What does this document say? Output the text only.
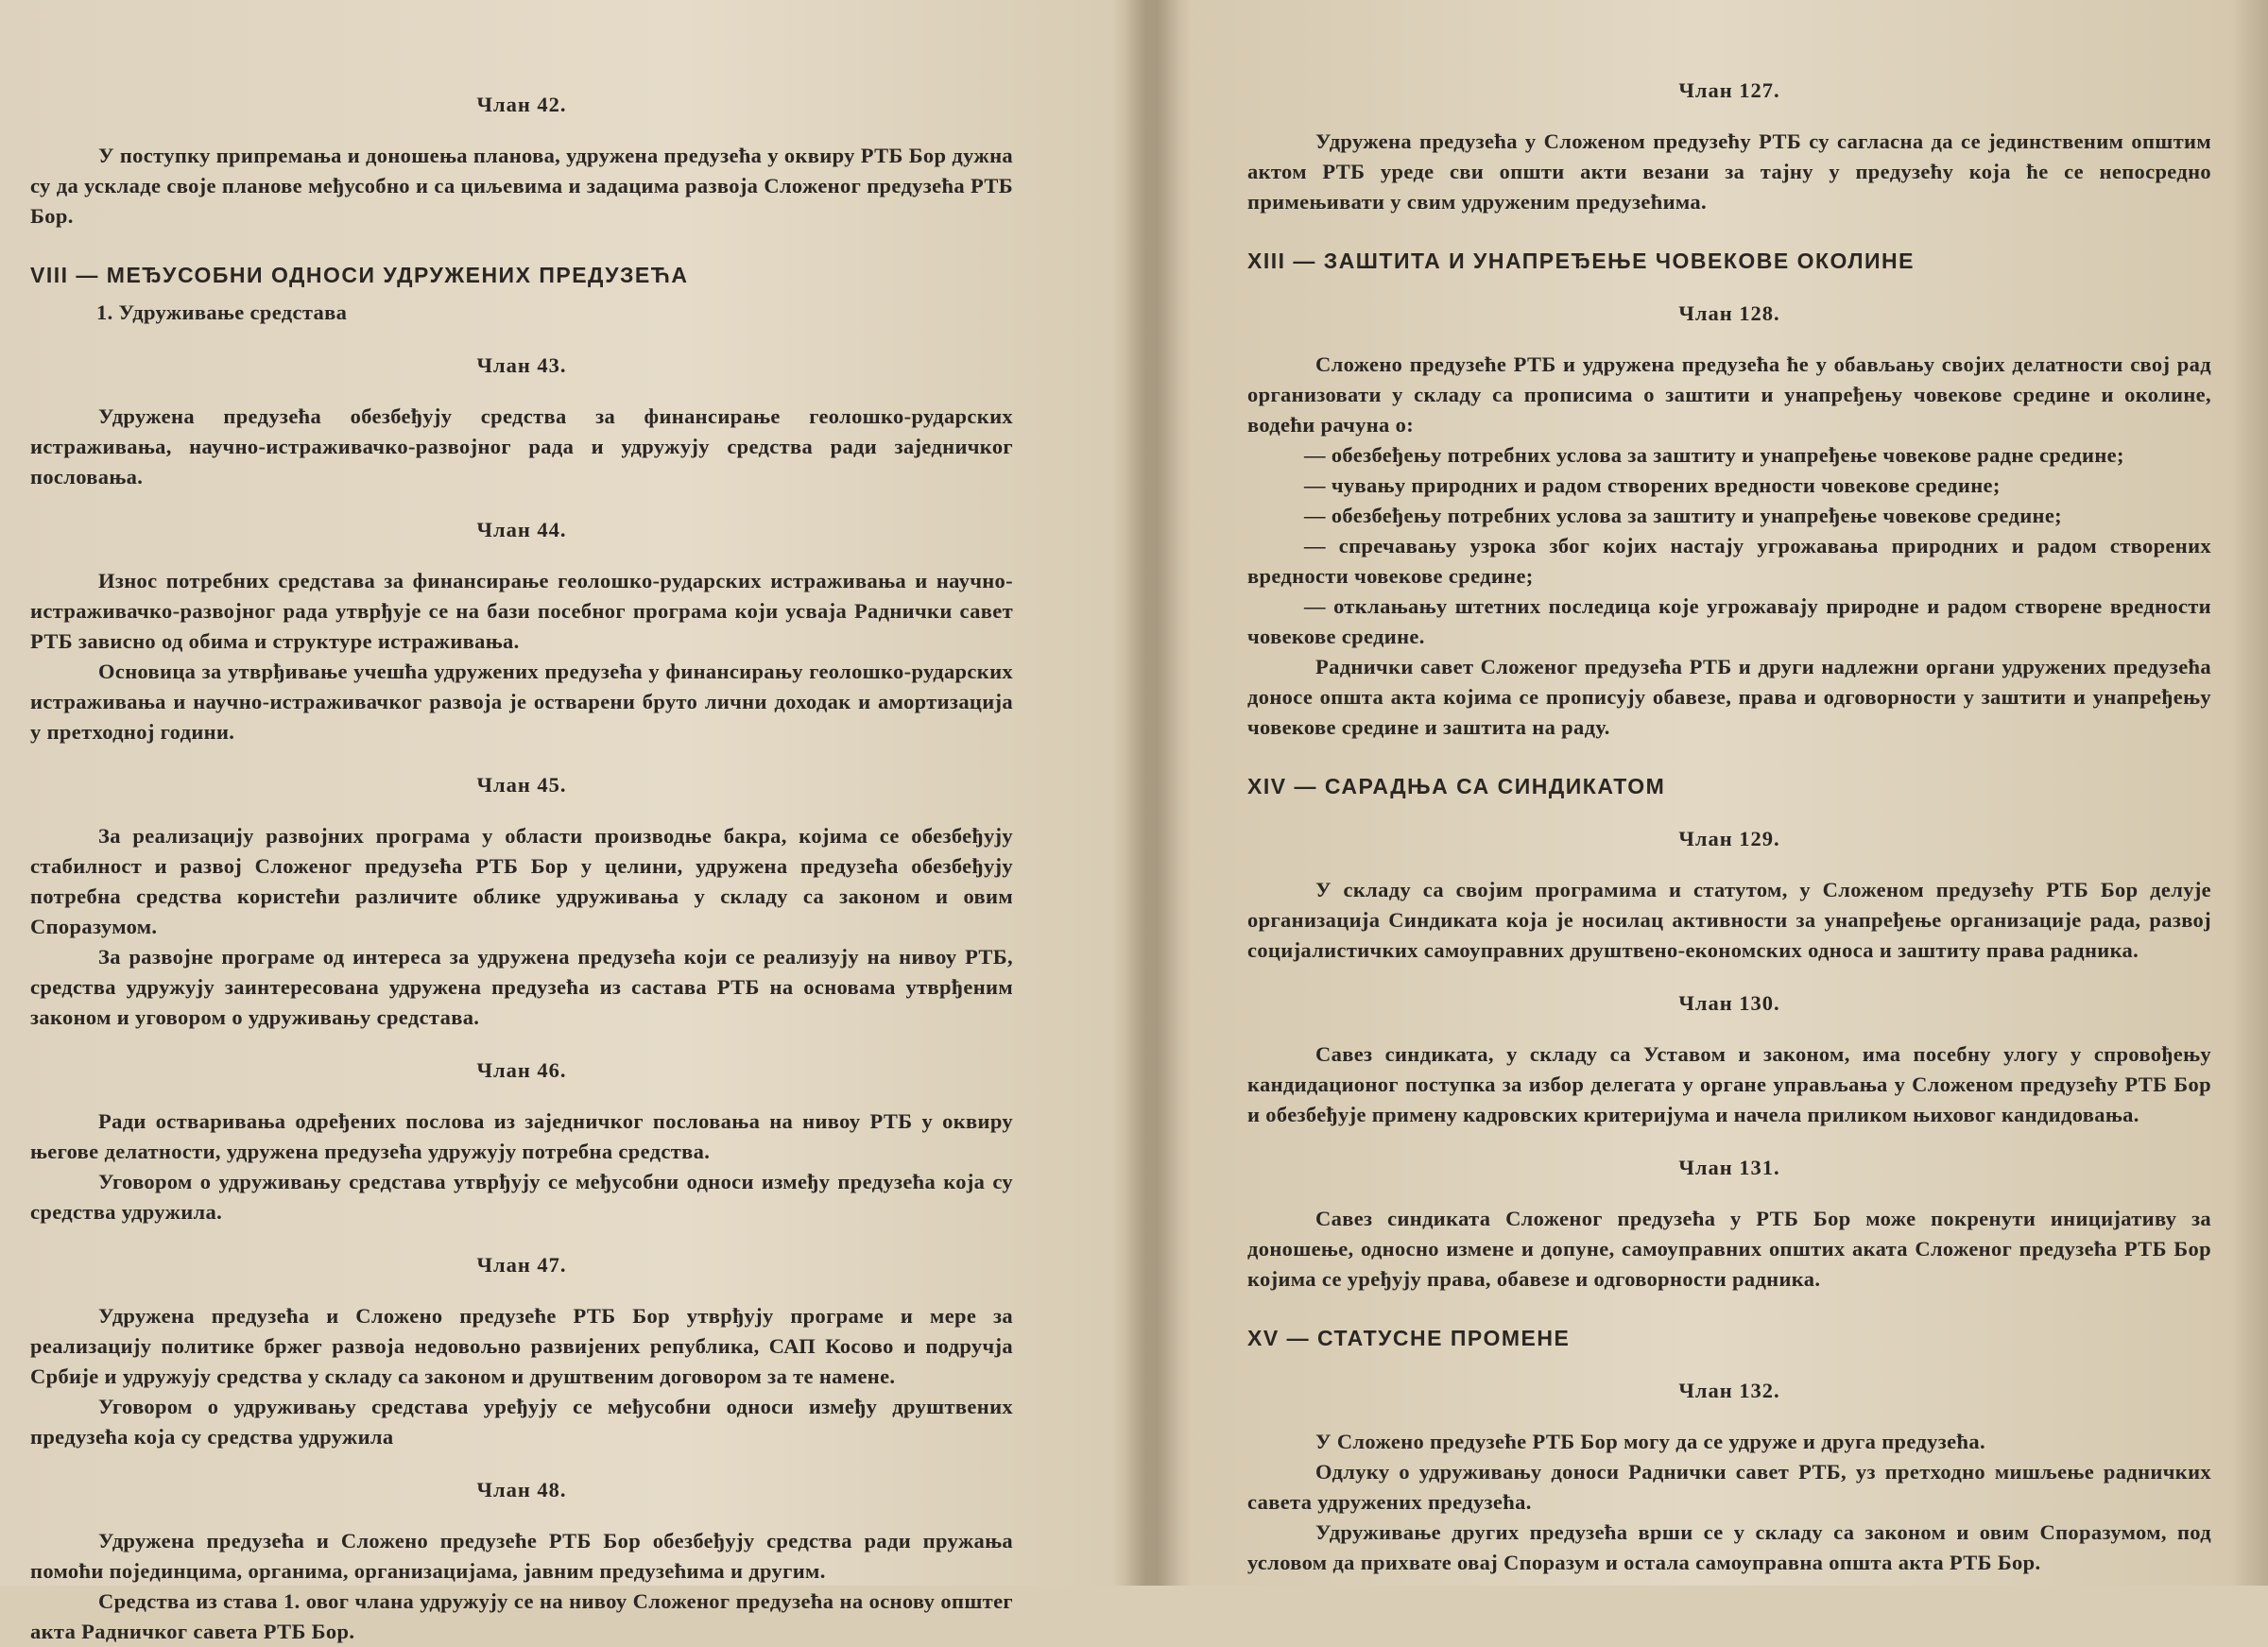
Члан 42.
У поступку припремања и доношења планова, удружена предузећа у оквиру РТБ Бор дужна су да ускладе своје планове међусобно и са циљевима и задацима развоја Сложеног предузећа РТБ Бор.
VIII — МЕЂУСОБНИ ОДНОСИ УДРУЖЕНИХ ПРЕДУЗЕЋА
1. Удруживање средстава
Члан 43.
Удружена предузећа обезбеђују средства за финансирање геолошко-рударских истраживања, научно-истраживачко-развојног рада и удружују средства ради заједничког пословања.
Члан 44.
Износ потребних средстава за финансирање геолошко-рударских истраживања и научно-истраживачко-развојног рада утврђује се на бази посебног програма који усваја Раднички савет РТБ зависно од обима и структуре истраживања.
Основица за утврђивање учешћа удружених предузећа у финансирању геолошко-рударских истраживања и научно-истраживачког развоја је остварени бруто лични доходак и амортизација у претходној години.
Члан 45.
За реализацију развојних програма у области производње бакра, којима се обезбеђују стабилност и развој Сложеног предузећа РТБ Бор у целини, удружена предузећа обезбеђују потребна средства користећи различите облике удруживања у складу са законом и овим Споразумом.
За развојне програме од интереса за удружена предузећа који се реализују на нивоу РТБ, средства удружују заинтересована удружена предузећа из састава РТБ на основама утврђеним законом и уговором о удруживању средстава.
Члан 46.
Ради остваривања одређених послова из заједничког пословања на нивоу РТБ у оквиру његове делатности, удружена предузећа удружују потребна средства.
Уговором о удруживању средстава утврђују се међусобни односи између предузећа која су средства удружила.
Члан 47.
Удружена предузећа и Сложено предузеће РТБ Бор утврђују програме и мере за реализацију политике бржег развоја недовољно развијених република, САП Косово и подручја Србије и удружују средства у складу са законом и друштвеним договором за те намене.
Уговором о удруживању средстава уређују се међусобни односи између друштвених предузећа која су средства удружила
Члан 48.
Удружена предузећа и Сложено предузеће РТБ Бор обезбеђују средства ради пружања помоћи појединцима, органима, организацијама, јавним предузећима и другим.
Средства из става 1. овог члана удружују се на нивоу Сложеног предузећа на основу општег акта Радничког савета РТБ Бор.
Члан 127.
Удружена предузећа у Сложеном предузећу РТБ су сагласна да се јединственим општим актом РТБ уреде сви општи акти везани за тајну у предузећу која ће се непосредно примењивати у свим удруженим предузећима.
XIII — ЗАШТИТА И УНАПРЕЂЕЊЕ ЧОВЕКОВЕ ОКОЛИНЕ
Члан 128.
Сложено предузеће РТБ и удружена предузећа ће у обављању својих делатности свој рад организовати у складу са прописима о заштити и унапређењу човекове средине и околине, водећи рачуна о:
— обезбеђењу потребних услова за заштиту и унапређење човекове радне средине;
— чувању природних и радом створених вредности човекове средине;
— обезбеђењу потребних услова за заштиту и унапређење човекове средине;
— спречавању узрока због којих настају угрожавања природних и радом створених вредности човекове средине;
— отклањању штетних последица које угрожавају природне и радом створене вредности човекове средине.
Раднички савет Сложеног предузећа РТБ и други надлежни органи удружених предузећа доносе општа акта којима се прописују обавезе, права и одговорности у заштити и унапређењу човекове средине и заштита на раду.
XIV — САРАДЊА СА СИНДИКАТОМ
Члан 129.
У складу са својим програмима и статутом, у Сложеном предузећу РТБ Бор делује организација Синдиката која је носилац активности за унапређење организације рада, развој социјалистичких самоуправних друштвено-економских односа и заштиту права радника.
Члан 130.
Савез синдиката, у складу са Уставом и законом, има посебну улогу у спровођењу кандидационог поступка за избор делегата у органе управљања у Сложеном предузећу РТБ Бор и обезбеђује примену кадровских критеријума и начела приликом њиховог кандидовања.
Члан 131.
Савез синдиката Сложеног предузећа у РТБ Бор може покренути иницијативу за доношење, односно измене и допуне, самоуправних општих аката Сложеног предузећа РТБ Бор којима се уређују права, обавезе и одговорности радника.
XV — СТАТУСНЕ ПРОМЕНЕ
Члан 132.
У Сложено предузеће РТБ Бор могу да се удруже и друга предузећа.
Одлуку о удруживању доноси Раднички савет РТБ, уз претходно мишљење радничких савета удружених предузећа.
Удруживање других предузећа врши се у складу са законом и овим Споразумом, под условом да прихвате овај Споразум и остала самоуправна општа акта РТБ Бор.
